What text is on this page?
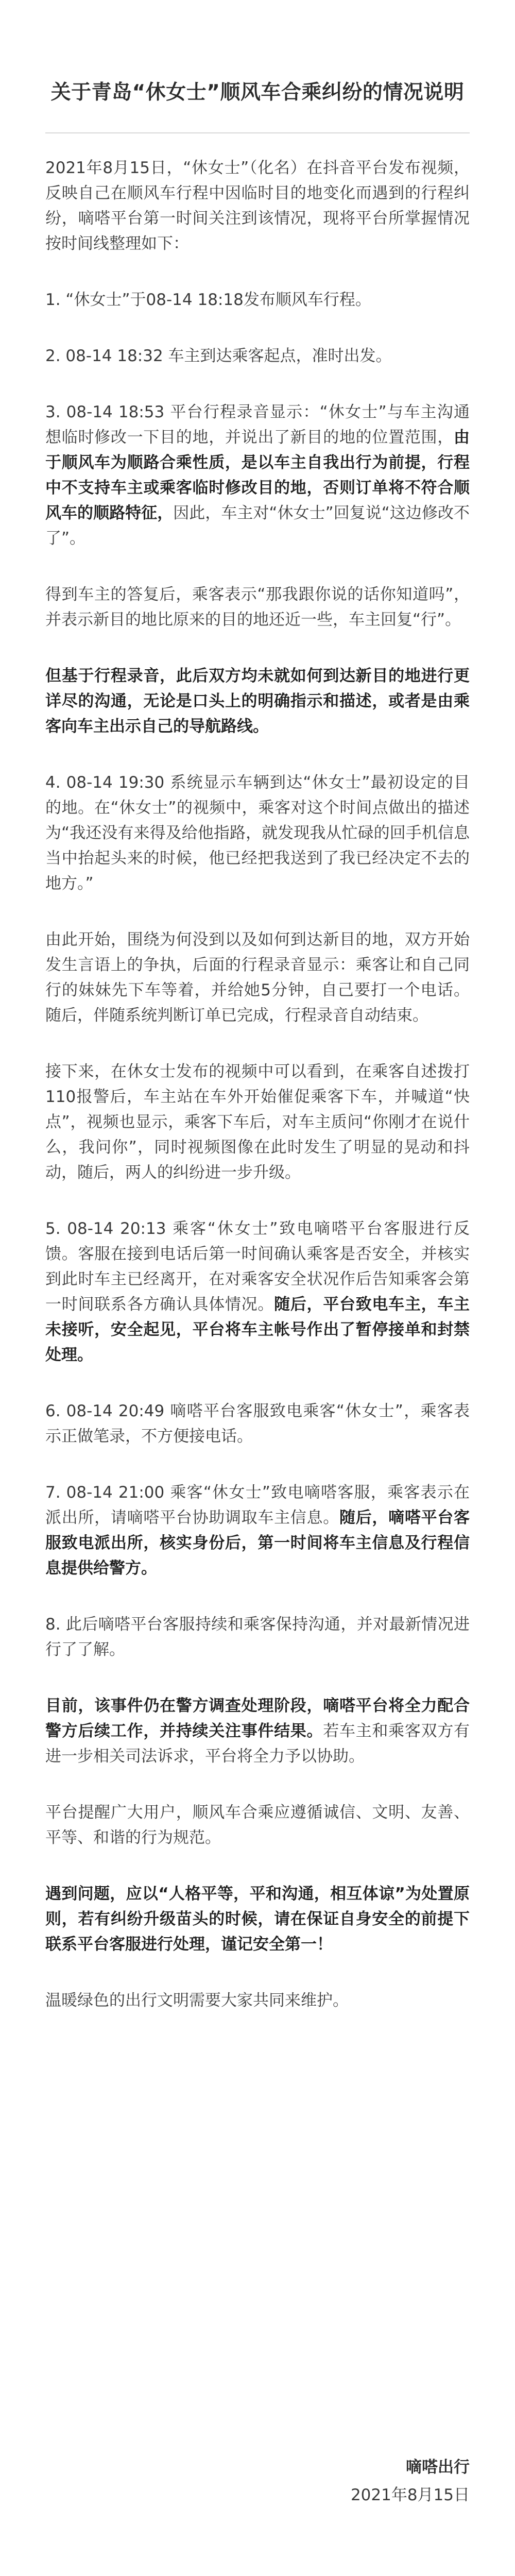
关于青岛“休女士”顺风车合乘纠纷的情况说明

2021年8月15日，“休女士”（化名）在抖音平台发布视频，反映自己在顺风车行程中因临时目的地变化而遇到的行程纠纷，嘀嗒平台第一时间关注到该情况，现将平台所掌握情况按时间线整理如下：

1. “休女士”于08-14 18:18发布顺风车行程。

2. 08-14 18:32 车主到达乘客起点，准时出发。

3. 08-14 18:53 平台行程录音显示：“休女士”与车主沟通想临时修改一下目的地，并说出了新目的地的位置范围，由于顺风车为顺路合乘性质，是以车主自我出行为前提，行程中不支持车主或乘客临时修改目的地，否则订单将不符合顺风车的顺路特征，因此，车主对“休女士”回复说“这边修改不了”。

得到车主的答复后，乘客表示“那我跟你说的话你知道吗”，并表示新目的地比原来的目的地还近一些，车主回复“行”。

但基于行程录音，此后双方均未就如何到达新目的地进行更详尽的沟通，无论是口头上的明确指示和描述，或者是由乘客向车主出示自己的导航路线。

4. 08-14 19:30 系统显示车辆到达“休女士”最初设定的目的地。在“休女士”的视频中，乘客对这个时间点做出的描述为“我还没有来得及给他指路，就发现我从忙碌的回手机信息当中抬起头来的时候，他已经把我送到了我已经决定不去的地方。”

由此开始，围绕为何没到以及如何到达新目的地，双方开始发生言语上的争执，后面的行程录音显示：乘客让和自己同行的妹妹先下车等着，并给她5分钟，自己要打一个电话。随后，伴随系统判断订单已完成，行程录音自动结束。

接下来，在休女士发布的视频中可以看到，在乘客自述拨打110报警后，车主站在车外开始催促乘客下车，并喊道“快点”，视频也显示，乘客下车后，对车主质问“你刚才在说什么，我问你”，同时视频图像在此时发生了明显的晃动和抖动，随后，两人的纠纷进一步升级。

5. 08-14 20:13 乘客“休女士”致电嘀嗒平台客服进行反馈。客服在接到电话后第一时间确认乘客是否安全，并核实到此时车主已经离开，在对乘客安全状况作后告知乘客会第一时间联系各方确认具体情况。随后，平台致电车主，车主未接听，安全起见，平台将车主帐号作出了暂停接单和封禁处理。

6. 08-14 20:49 嘀嗒平台客服致电乘客“休女士”，乘客表示正做笔录，不方便接电话。

7. 08-14 21:00 乘客“休女士”致电嘀嗒客服，乘客表示在派出所，请嘀嗒平台协助调取车主信息。随后，嘀嗒平台客服致电派出所，核实身份后，第一时间将车主信息及行程信息提供给警方。

8. 此后嘀嗒平台客服持续和乘客保持沟通，并对最新情况进行了了解。

目前，该事件仍在警方调查处理阶段，嘀嗒平台将全力配合警方后续工作，并持续关注事件结果。若车主和乘客双方有进一步相关司法诉求，平台将全力予以协助。

平台提醒广大用户，顺风车合乘应遵循诚信、文明、友善、平等、和谐的行为规范。

遇到问题，应以“人格平等，平和沟通，相互体谅”为处置原则，若有纠纷升级苗头的时候，请在保证自身安全的前提下联系平台客服进行处理，谨记安全第一！

温暖绿色的出行文明需要大家共同来维护。

嘀嗒出行

2021年8月15日
